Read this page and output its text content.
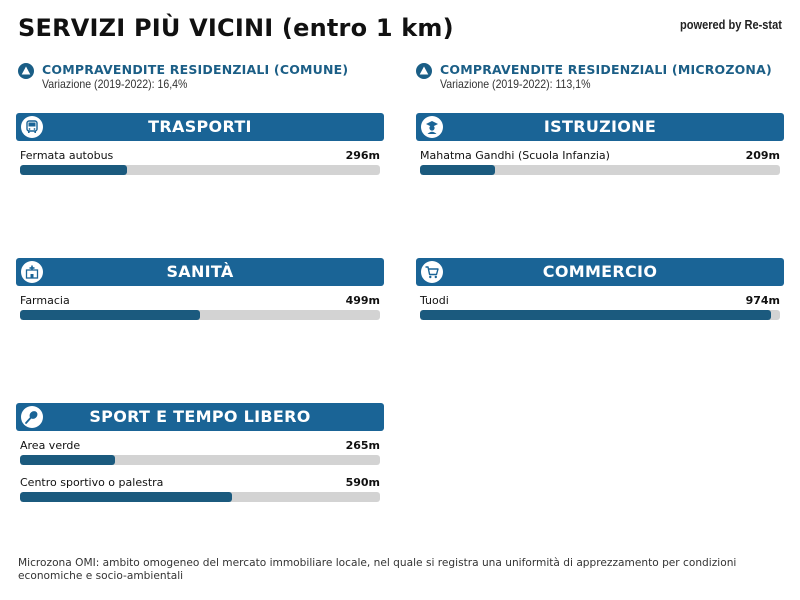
SERVIZI PIÙ VICINI (entro 1 km)	powered by Re-stat
COMPRAVENDITE RESIDENZIALI (COMUNE)
Variazione (2019-2022): 16,4%
COMPRAVENDITE RESIDENZIALI (MICROZONA)
Variazione (2019-2022): 113,1%
TRASPORTI
Fermata autobus	296m
ISTRUZIONE
Mahatma Gandhi (Scuola Infanzia)	209m
SANITÀ
Farmacia	499m
COMMERCIO
Tuodi	974m
SPORT E TEMPO LIBERO
Area verde	265m
Centro sportivo o palestra	590m
Microzona OMI: ambito omogeneo del mercato immobiliare locale, nel quale si registra una uniformità di apprezzamento per condizioni economiche e socio-ambientali
